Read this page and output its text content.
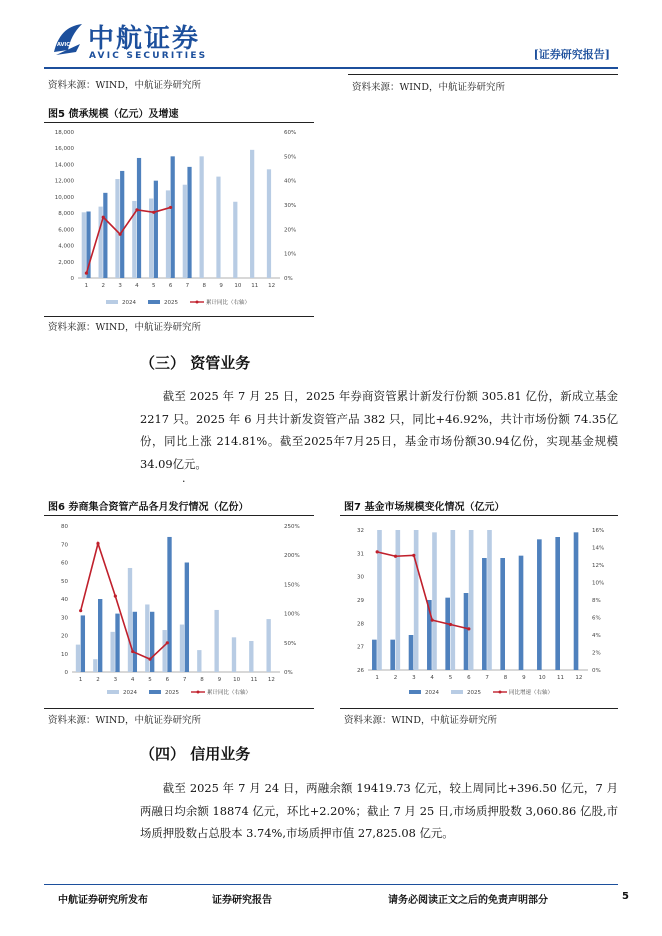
AVIC 中航证券
AVIC SECURITIES	[证券研究报告]
资料来源：WIND，中航证券研究所	资料来源：WIND，中航证券研究所
图5 债承规模（亿元）及增速
0
2,000
4,000
6,000
8,000
10,000
12,000
14,000
16,000
18,000
0%
10%
20%
30%
40%
50%
60%
1 2 3 4 5 6 7 8 9 10 11 12
2024	2025	累计同比（右轴）
资料来源：WIND，中航证券研究所
（三） 资管业务
截至 2025 年 7 月 25 日，2025 年券商资管累计新发行份额 305.81 亿份，新成立基金 2217 只。2025 年 6 月共计新发资管产品 382 只，同比+46.92%，共计市场份额 74.35亿份，同比上涨 214.81%。截至2025年7月25日，基金市场份额30.94亿份，实现基金规模 34.09亿元。
·
图6 券商集合资管产品各月发行情况（亿份）
0
10
20
30
40
50
60
70
80
0%
50%
100%
150%
200%
250%
1	2	3	4	5	6	7	8	9 10 11 12
2024	2025	累计同比（右轴）
资料来源：WIND，中航证券研究所
图7 基金市场规模变化情况（亿元）
26
27
28
29
30
31
32
0%
2%
4%
6%
8%
10%
12%
14%
16%
1	2	3	4	5	6	7	8	9 10 11 12
2024	2025	同比增速（右轴）
资料来源：WIND，中航证券研究所
（四） 信用业务
截至 2025 年 7 月 24 日，两融余额 19419.73 亿元，较上周同比+396.50 亿元，7 月两融日均余额 18874 亿元，环比+2.20%；截止 7 月 25 日,市场质押股数 3,060.86 亿股,市场质押股数占总股本 3.74%,市场质押市值 27,825.08 亿元。
中航证券研究所发布	证券研究报告	请务必阅读正文之后的免责声明部分	5
